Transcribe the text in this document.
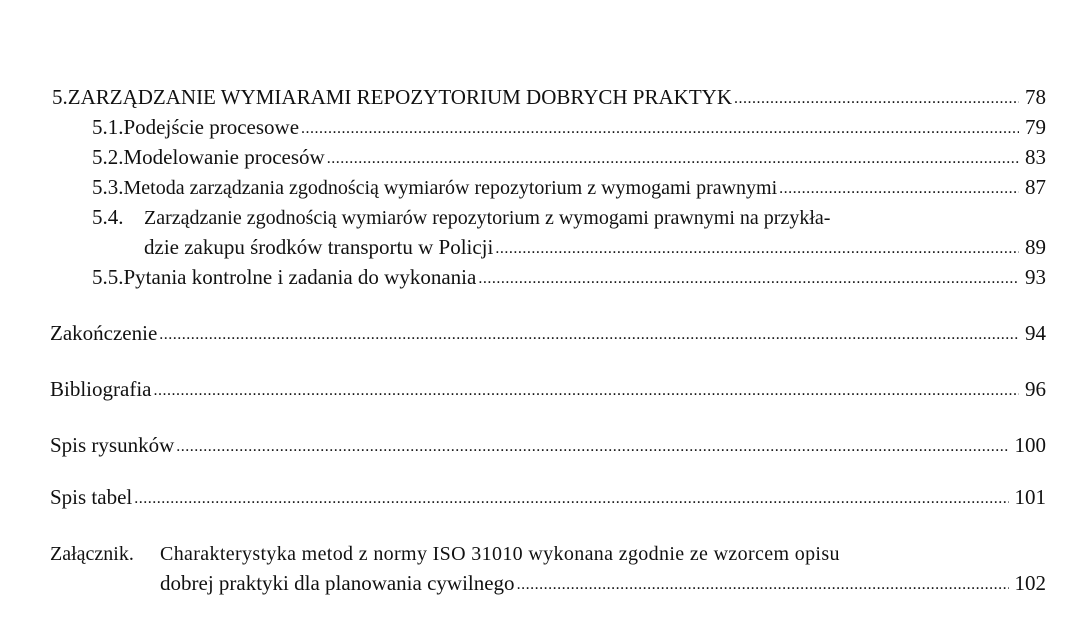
5. ZARZĄDZANIE WYMIARAMI REPOZYTORIUM DOBRYCH PRAKTYK .....	78
5.1. Podejście procesowe .....	79
5.2. Modelowanie procesów .....	83
5.3. Metoda zarządzania zgodnością wymiarów repozytorium z wymogami prawnymi .....	87
5.4. Zarządzanie zgodnością wymiarów repozytorium z wymogami prawnymi na przykła-
dzie zakupu środków transportu w Policji .....	89
5.5. Pytania kontrolne i zadania do wykonania .....	93
Zakończenie .....	94
Bibliografia .....	96
Spis rysunków .....	100
Spis tabel .....	101
Załącznik. Charakterystyka metod z normy ISO 31010 wykonana zgodnie ze wzorcem opisu
dobrej praktyki dla planowania cywilnego .....	102
